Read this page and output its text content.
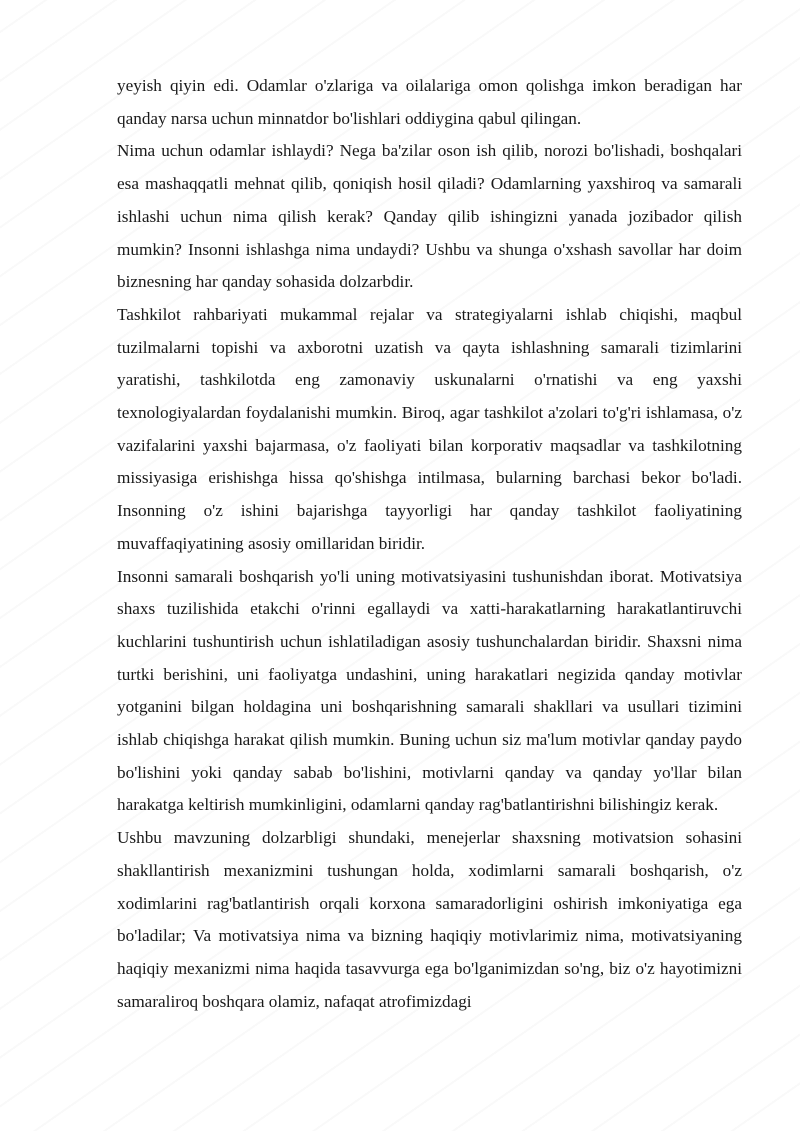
yeyish qiyin edi. Odamlar o'zlariga va oilalariga omon qolishga imkon beradigan har qanday narsa uchun minnatdor bo'lishlari oddiygina qabul qilingan.

Nima uchun odamlar ishlaydi? Nega ba'zilar oson ish qilib, norozi bo'lishadi, boshqalari esa mashaqqatli mehnat qilib, qoniqish hosil qiladi? Odamlarning yaxshiroq va samarali ishlashi uchun nima qilish kerak? Qanday qilib ishingizni yanada jozibador qilish mumkin? Insonni ishlashga nima undaydi? Ushbu va shunga o'xshash savollar har doim biznesning har qanday sohasida dolzarbdir.

Tashkilot rahbariyati mukammal rejalar va strategiyalarni ishlab chiqishi, maqbul tuzilmalarni topishi va axborotni uzatish va qayta ishlashning samarali tizimlarini yaratishi, tashkilotda eng zamonaviy uskunalarni o'rnatishi va eng yaxshi texnologiyalardan foydalanishi mumkin. Biroq, agar tashkilot a'zolari to'g'ri ishlamasa, o'z vazifalarini yaxshi bajarmasa, o'z faoliyati bilan korporativ maqsadlar va tashkilotning missiyasiga erishishga hissa qo'shishga intilmasa, bularning barchasi bekor bo'ladi. Insonning o'z ishini bajarishga tayyorligi har qanday tashkilot faoliyatining muvaffaqiyatining asosiy omillaridan biridir.

Insonni samarali boshqarish yo'li uning motivatsiyasini tushunishdan iborat. Motivatsiya shaxs tuzilishida etakchi o'rinni egallaydi va xatti-harakatlarning harakatlantiruvchi kuchlarini tushuntirish uchun ishlatiladigan asosiy tushunchalardan biridir. Shaxsni nima turtki berishini, uni faoliyatga undashini, uning harakatlari negizida qanday motivlar yotganini bilgan holdagina uni boshqarishning samarali shakllari va usullari tizimini ishlab chiqishga harakat qilish mumkin. Buning uchun siz ma'lum motivlar qanday paydo bo'lishini yoki qanday sabab bo'lishini, motivlarni qanday va qanday yo'llar bilan harakatga keltirish mumkinligini, odamlarni qanday rag'batlantirishni bilishingiz kerak.

Ushbu mavzuning dolzarbligi shundaki, menejerlar shaxsning motivatsion sohasini shakllantirish mexanizmini tushungan holda, xodimlarni samarali boshqarish, o'z xodimlarini rag'batlantirish orqali korxona samaradorligini oshirish imkoniyatiga ega bo'ladilar; Va motivatsiya nima va bizning haqiqiy motivlarimiz nima, motivatsiyaning haqiqiy mexanizmi nima haqida tasavvurga ega bo'lganimizdan so'ng, biz o'z hayotimizni samaraliroq boshqara olamiz, nafaqat atrofimizdagi
